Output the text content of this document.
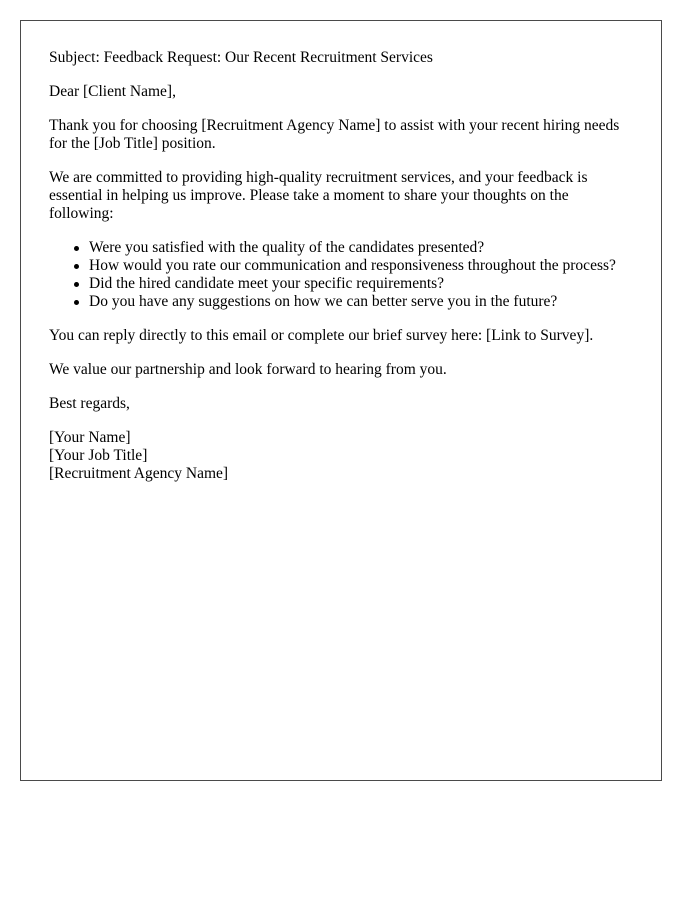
Subject: Feedback Request: Our Recent Recruitment Services

Dear [Client Name],

Thank you for choosing [Recruitment Agency Name] to assist with your recent hiring needs for the [Job Title] position.

We are committed to providing high-quality recruitment services, and your feedback is essential in helping us improve. Please take a moment to share your thoughts on the following:

Were you satisfied with the quality of the candidates presented?
How would you rate our communication and responsiveness throughout the process?
Did the hired candidate meet your specific requirements?
Do you have any suggestions on how we can better serve you in the future?

You can reply directly to this email or complete our brief survey here: [Link to Survey].

We value our partnership and look forward to hearing from you.

Best regards,

[Your Name]
[Your Job Title]
[Recruitment Agency Name]
